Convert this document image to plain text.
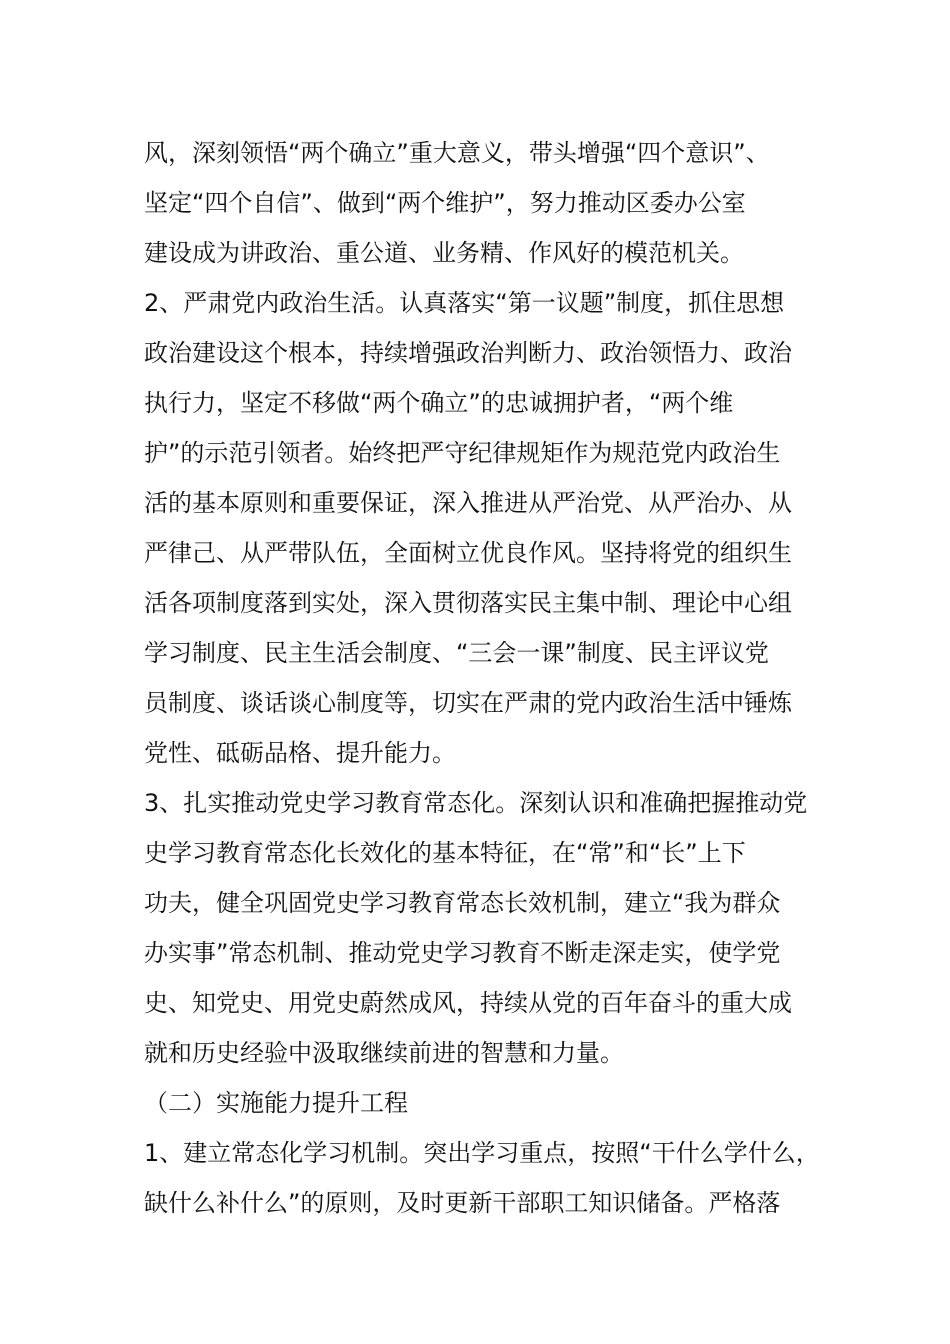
风，深刻领悟“两个确立”重大意义，带头增强“四个意识”、
坚定“四个自信”、做到“两个维护”，努力推动区委办公室
建设成为讲政治、重公道、业务精、作风好的模范机关。
2、严肃党内政治生活。认真落实“第一议题”制度，抓住思想
政治建设这个根本，持续增强政治判断力、政治领悟力、政治
执行力，坚定不移做“两个确立”的忠诚拥护者，“两个维
护”的示范引领者。始终把严守纪律规矩作为规范党内政治生
活的基本原则和重要保证，深入推进从严治党、从严治办、从
严律己、从严带队伍，全面树立优良作风。坚持将党的组织生
活各项制度落到实处，深入贯彻落实民主集中制、理论中心组
学习制度、民主生活会制度、“三会一课”制度、民主评议党
员制度、谈话谈心制度等，切实在严肃的党内政治生活中锤炼
党性、砥砺品格、提升能力。
3、扎实推动党史学习教育常态化。深刻认识和准确把握推动党
史学习教育常态化长效化的基本特征，在“常”和“长”上下
功夫，健全巩固党史学习教育常态长效机制，建立“我为群众
办实事”常态机制、推动党史学习教育不断走深走实，使学党
史、知党史、用党史蔚然成风，持续从党的百年奋斗的重大成
就和历史经验中汲取继续前进的智慧和力量。
（二）实施能力提升工程
1、建立常态化学习机制。突出学习重点，按照“干什么学什么，
缺什么补什么”的原则，及时更新干部职工知识储备。严格落
